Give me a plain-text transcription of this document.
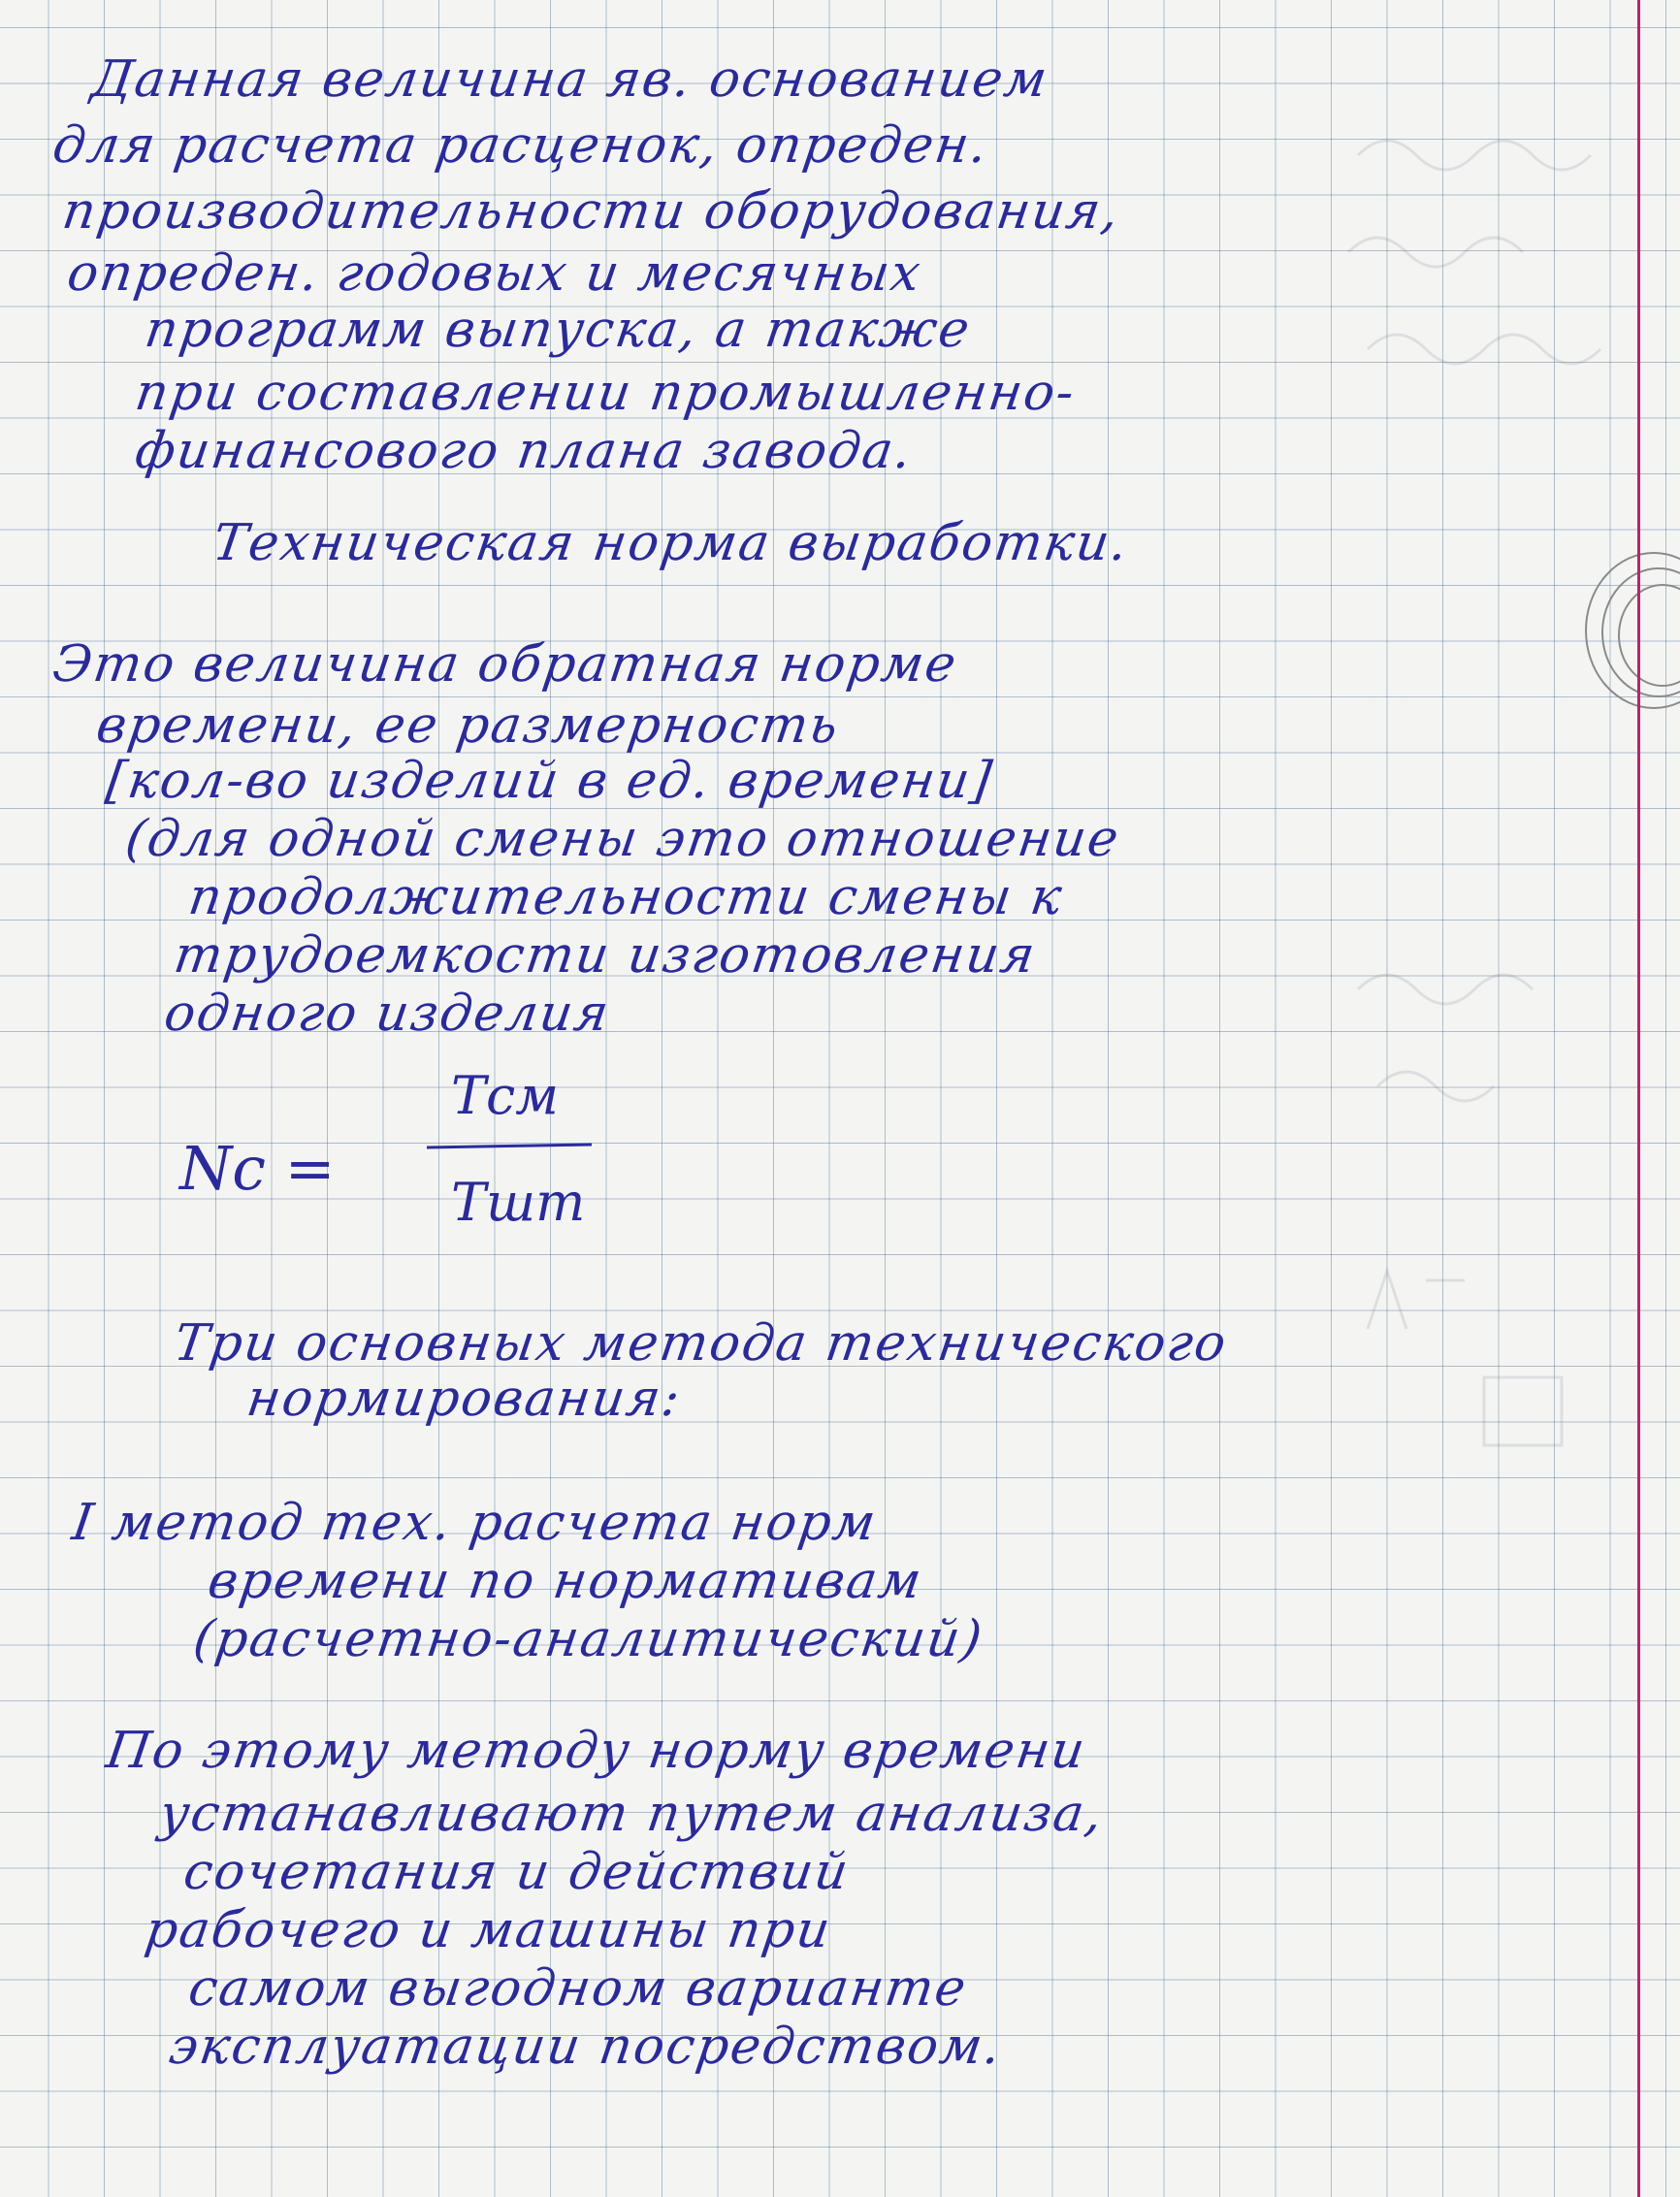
Данная величина яв. основанием
для расчета расценок, опреден.
производительности оборудования,
опреден. годовых и месячных
программ выпуска, а также
при составлении промышленно-
финансового плана завода.
Техническая норма выработки.
Это величина обратная норме
времени, ее размерность
[кол-во изделий в ед. времени]
(для одной смены это отношение
продолжительности смены к
трудоемкости изготовления
одного изделия
Nc =
Tсм
Tшт
Три основных метода технического
нормирования:
I метод тех. расчета норм
времени по нормативам
(расчетно-аналитический)
По этому методу норму времени
устанавливают путем анализа,
сочетания и действий
рабочего и машины при
самом выгодном варианте
эксплуатации посредством.
